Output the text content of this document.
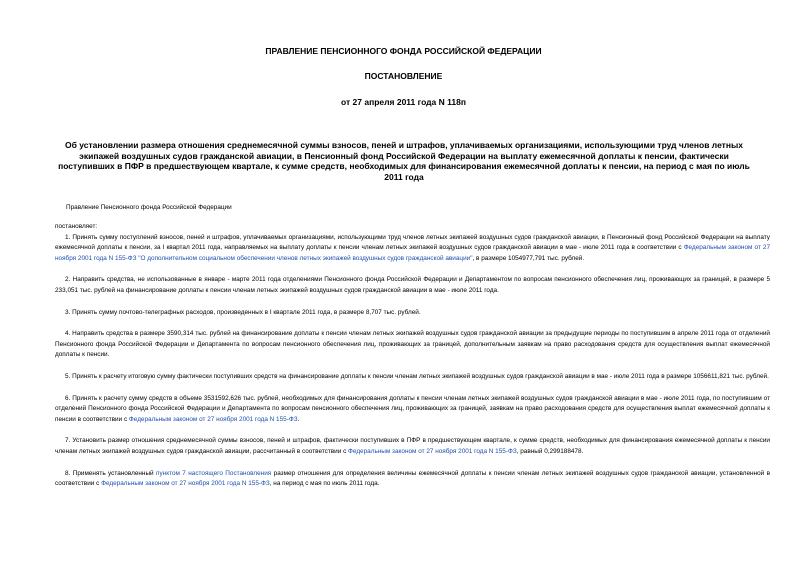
ПРАВЛЕНИЕ ПЕНСИОННОГО ФОНДА РОССИЙСКОЙ ФЕДЕРАЦИИ
ПОСТАНОВЛЕНИЕ
от 27 апреля 2011 года N 118п
Об установлении размера отношения среднемесячной суммы взносов, пеней и штрафов, уплачиваемых организациями, использующими труд членов летных экипажей воздушных судов гражданской авиации, в Пенсионный фонд Российской Федерации на выплату ежемесячной доплаты к пенсии, фактически поступивших в ПФР в предшествующем квартале, к сумме средств, необходимых для финансирования ежемесячной доплаты к пенсии, на период с мая по июль 2011 года
Правление Пенсионного фонда Российской Федерации

постановляет:

1. Принять сумму поступлений взносов, пеней и штрафов, уплачиваемых организациями, использующими труд членов летных экипажей воздушных судов гражданской авиации, в Пенсионный фонд Российской Федерации на выплату ежемесячной доплаты к пенсии, за I квартал 2011 года, направляемых на выплату доплаты к пенсии членам летных экипажей воздушных судов гражданской авиации в мае - июле 2011 года в соответствии с Федеральным законом от 27 ноября 2001 года N 155-ФЗ "О дополнительном социальном обеспечении членов летных экипажей воздушных судов гражданской авиации", в размере 1054977,791 тыс. рублей.

2. Направить средства, не использованные в январе - марте 2011 года отделениями Пенсионного фонда Российской Федерации и Департаментом по вопросам пенсионного обеспечения лиц, проживающих за границей, в размере 5 233,051 тыс. рублей на финансирование доплаты к пенсии членам летных экипажей воздушных судов гражданской авиации в мае - июле 2011 года.

3. Принять сумму почтово-телеграфных расходов, произведенных в I квартале 2011 года, в размере 8,707 тыс. рублей.

4. Направить средства в размере 3590,314 тыс. рублей на финансирование доплаты к пенсии членам летных экипажей воздушных судов гражданской авиации за предыдущие периоды по поступившим в апреле 2011 года от отделений Пенсионного фонда Российской Федерации и Департамента по вопросам пенсионного обеспечения лиц, проживающих за границей, дополнительным заявкам на право расходования средств для осуществления выплат ежемесячной доплаты к пенсии.

5. Принять к расчету итоговую сумму фактически поступивших средств на финансирование доплаты к пенсии членам летных экипажей воздушных судов гражданской авиации в мае - июле 2011 года в размере 1056611,821 тыс. рублей.

6. Принять к расчету сумму средств в объеме 3531592,626 тыс. рублей, необходимых для финансирования доплаты к пенсии членам летных экипажей воздушных судов гражданской авиации в мае - июле 2011 года, по поступившим от отделений Пенсионного фонда Российской Федерации и Департамента по вопросам пенсионного обеспечения лиц, проживающих за границей, заявкам на право расходования средств для осуществления выплат ежемесячной доплаты к пенсии в соответствии с Федеральным законом от 27 ноября 2001 года N 155-ФЗ.

7. Установить размер отношения среднемесячной суммы взносов, пеней и штрафов, фактически поступивших в ПФР в предшествующем квартале, к сумме средств, необходимых для финансирования ежемесячной доплаты к пенсии членам летных экипажей воздушных судов гражданской авиации, рассчитанный в соответствии с Федеральным законом от 27 ноября 2001 года N 155-ФЗ, равный 0,299188478.

8. Применять установленный пунктом 7 настоящего Постановления размер отношения для определения величины ежемесячной доплаты к пенсии членам летных экипажей воздушных судов гражданской авиации, установленной в соответствии с Федеральным законом от 27 ноября 2001 года N 155-ФЗ, на период с мая по июль 2011 года.
